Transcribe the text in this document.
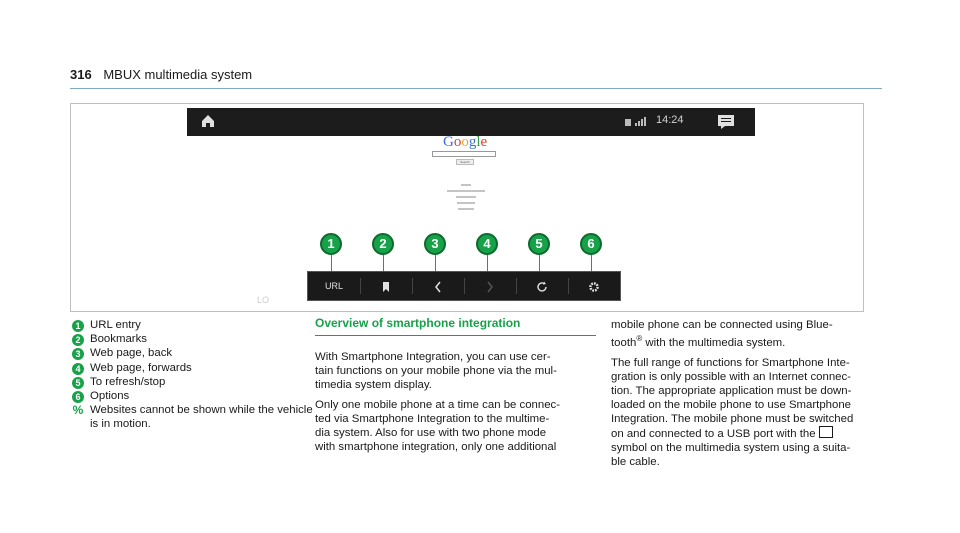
316 MBUX multimedia system
14:24
Google
Search
1	2	3	4	5	6
URL
LO
1 URL entry
2 Bookmarks
3 Web page, back
4 Web page, forwards
5 To refresh/stop
6 Options
% Websites cannot be shown while the vehicle
is in motion.
Overview of smartphone integration

With Smartphone Integration, you can use cer-
tain functions on your mobile phone via the mul-
timedia system display.

Only one mobile phone at a time can be connec-
ted via Smartphone Integration to the multime-
dia system. Also for use with two phone mode
with smartphone integration, only one additional

mobile phone can be connected using Blue-
tooth® with the multimedia system.

The full range of functions for Smartphone Inte-
gration is only possible with an Internet connec-
tion. The appropriate application must be down-
loaded on the mobile phone to use Smartphone
Integration. The mobile phone must be switched
on and connected to a USB port with the
symbol on the multimedia system using a suita-
ble cable.
